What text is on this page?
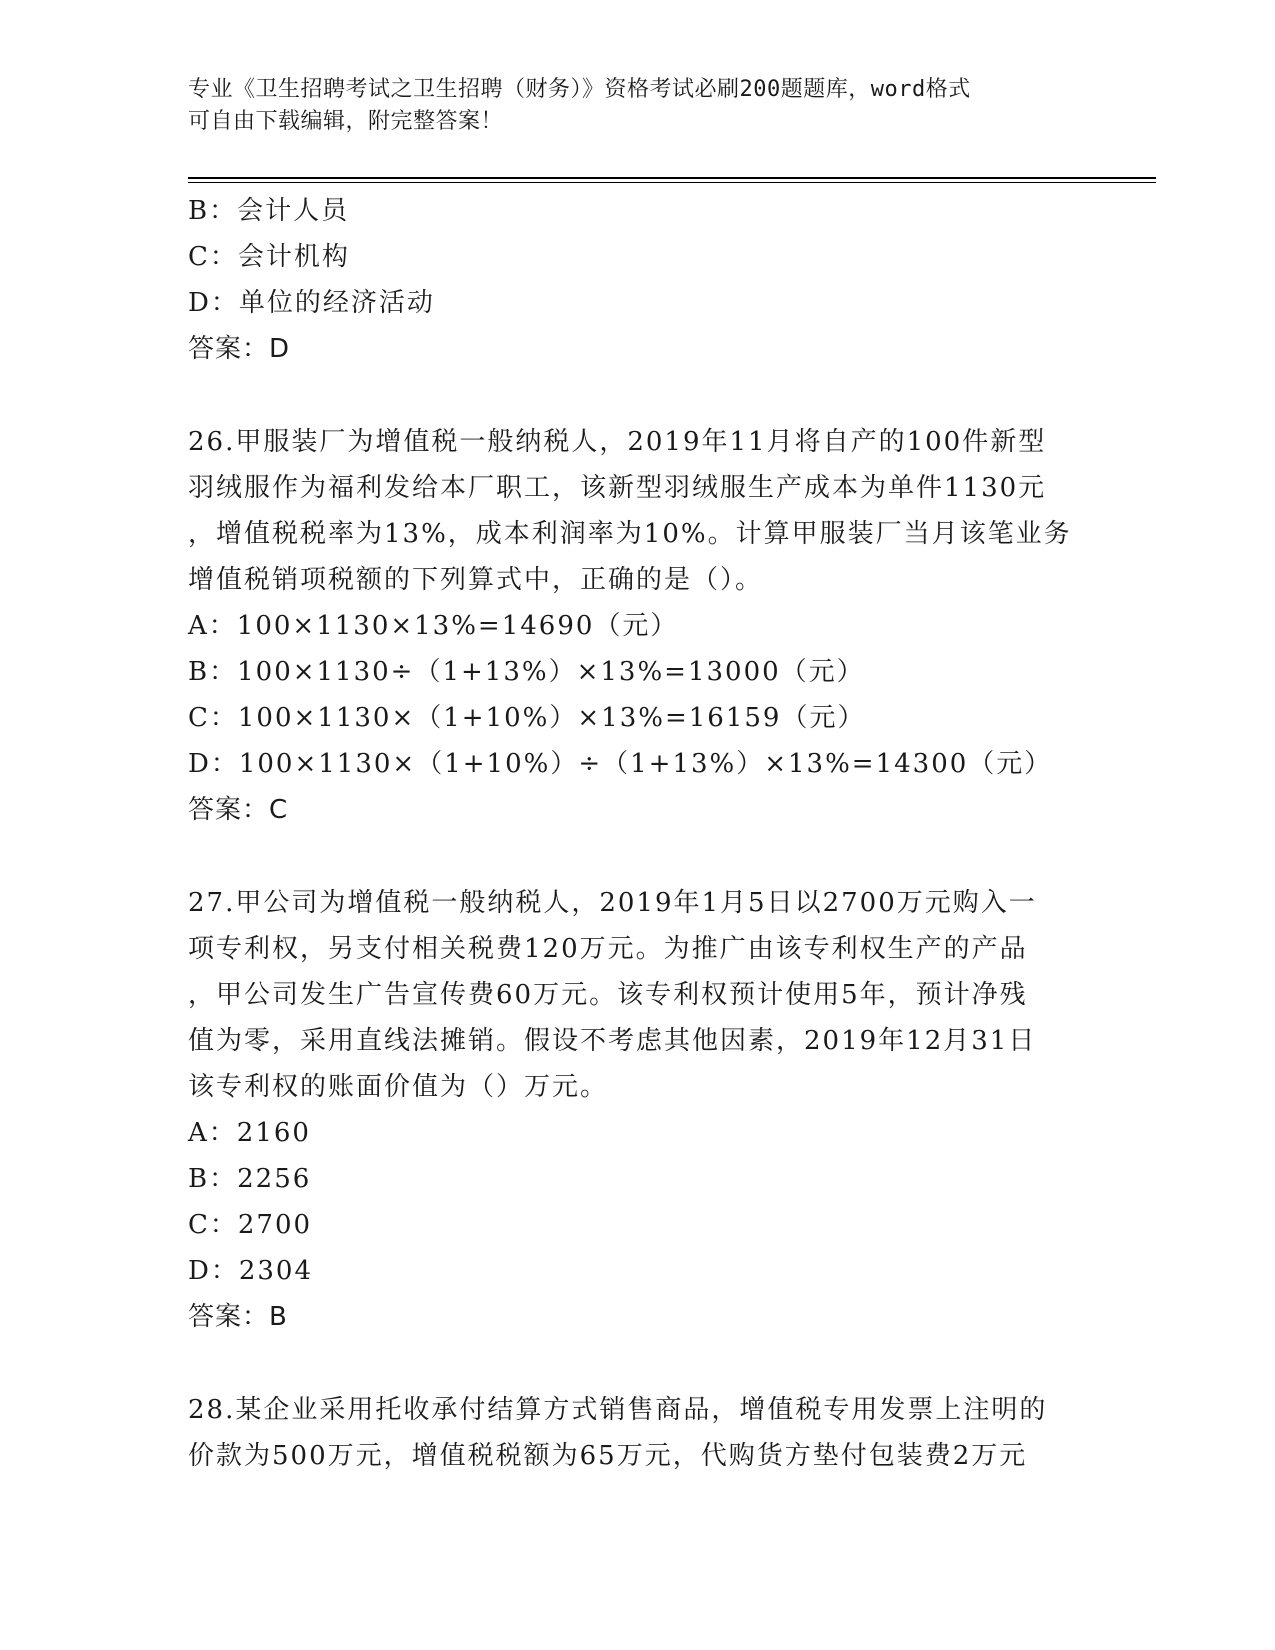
专业《卫生招聘考试之卫生招聘（财务）》资格考试必刷200题题库，word格式
可自由下载编辑，附完整答案！
B：会计人员
C：会计机构
D：单位的经济活动
答案：D
26.甲服装厂为增值税一般纳税人，2019年11月将自产的100件新型
羽绒服作为福利发给本厂职工，该新型羽绒服生产成本为单件1130元
，增值税税率为13%，成本利润率为10%。计算甲服装厂当月该笔业务
增值税销项税额的下列算式中，正确的是（）。
A：100×1130×13%=14690（元）
B：100×1130÷（1+13%）×13%=13000（元）
C：100×1130×（1+10%）×13%=16159（元）
D：100×1130×（1+10%）÷（1+13%）×13%=14300（元）
答案：C
27.甲公司为增值税一般纳税人，2019年1月5日以2700万元购入一
项专利权，另支付相关税费120万元。为推广由该专利权生产的产品
，甲公司发生广告宣传费60万元。该专利权预计使用5年，预计净残
值为零，采用直线法摊销。假设不考虑其他因素，2019年12月31日
该专利权的账面价值为（）万元。
A：2160
B：2256
C：2700
D：2304
答案：B
28.某企业采用托收承付结算方式销售商品，增值税专用发票上注明的
价款为500万元，增值税税额为65万元，代购货方垫付包装费2万元
